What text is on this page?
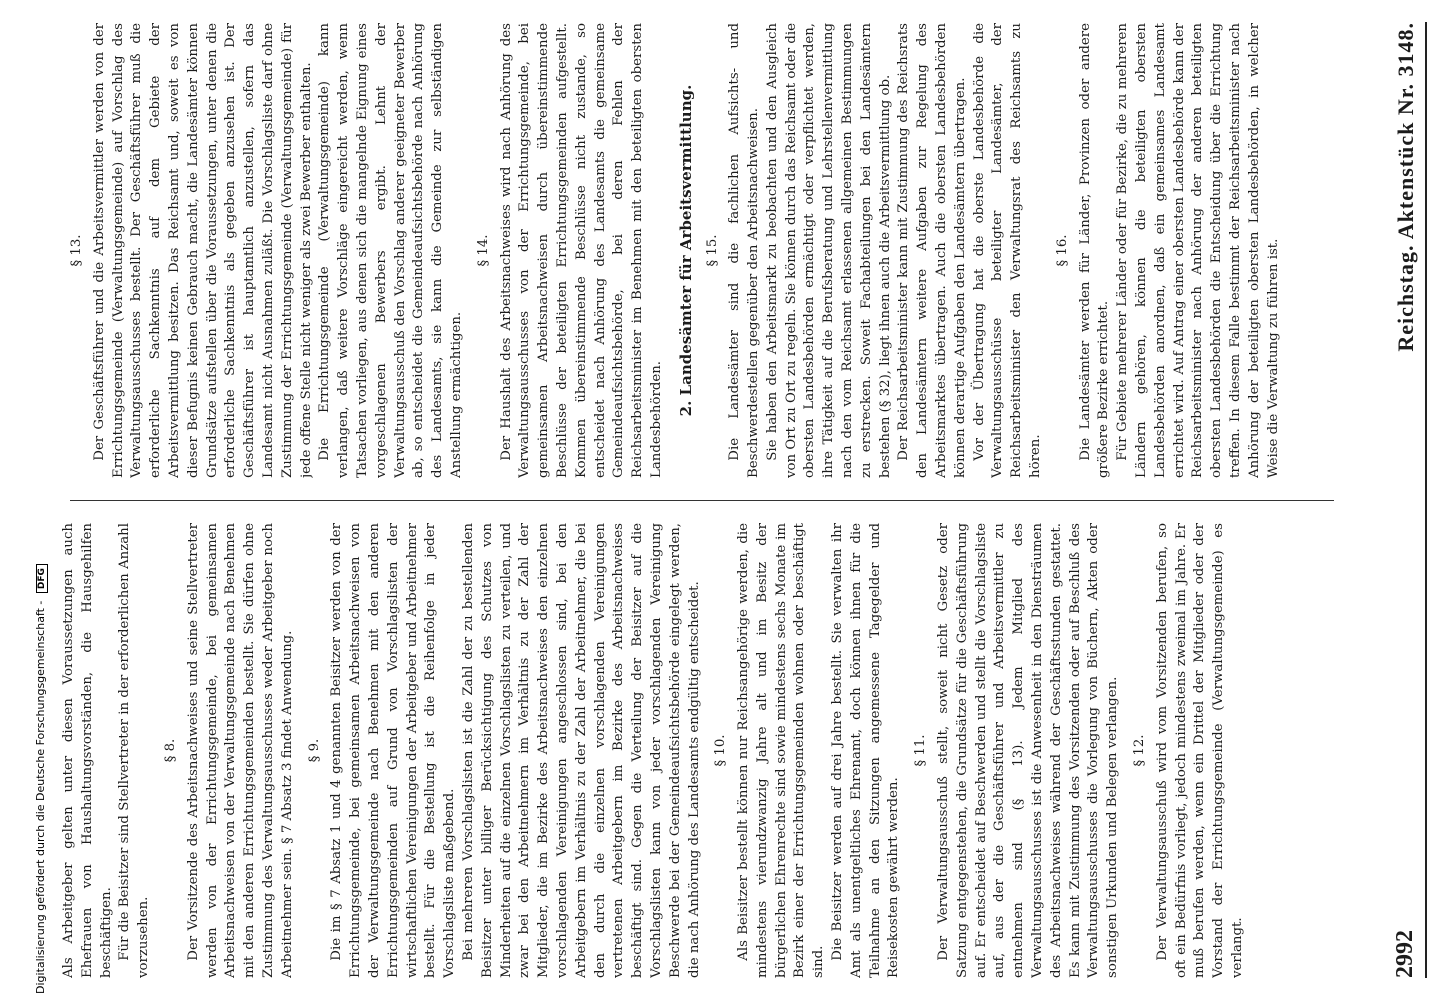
2992
Reichstag. Aktenstück Nr. 3148.

Als Arbeitgeber gelten unter diesen Voraussetzungen auch Ehefrauen von Haushaltungsvorständen, die Hausgehilfen beschäftigen. Für die Beisitzer sind Stellvertreter in der erforderlichen Anzahl vorzusehen.

§ 8. Der Vorsitzende des Arbeitsnachweises und seine Stellvertreter werden von der Errichtungsgemeinde, bei gemeinsamen Arbeitsnachweisen von der Verwaltungsgemeinde nach Benehmen mit den anderen Errichtungsgemeinden bestellt. Sie dürfen ohne Zustimmung des Verwaltungsausschusses weder Arbeitgeber noch Arbeitnehmer sein. § 7 Absatz 3 findet Anwendung. § 9. Die im § 7 Absatz 1 und 4 genannten Beisitzer werden von der Errichtungsgemeinde, bei gemeinsamen Arbeitsnachweisen von der Verwaltungsgemeinde nach Benehmen mit den anderen Errichtungsgemeinden auf Grund von Vorschlagslisten der wirtschaftlichen Vereinigungen der Arbeitgeber und Arbeitnehmer bestellt. Für die Bestellung ist die Reihenfolge in jeder Vorschlagsliste maßgebend. Bei mehreren Vorschlagslisten ist die Zahl der zu bestellenden Beisitzer unter billiger Berücksichtigung des Schutzes von Minderheiten auf die einzelnen Vorschlagslisten zu verteilen, und zwar bei den Arbeitnehmern im Verhältnis zu der Zahl der Mitglieder, die im Bezirke des Arbeitsnachweises den einzelnen vorschlagenden Vereinigungen angeschlossen sind, bei den Arbeitgebern im Verhältnis zu der Zahl der Arbeitnehmer, die bei den durch die einzelnen vorschlagenden Vereinigungen vertretenen Arbeitgebern im Bezirke des Arbeitsnachweises beschäftigt sind. Gegen die Verteilung der Beisitzer auf die Vorschlagslisten kann von jeder vorschlagenden Vereinigung Beschwerde bei der Gemeindeaufsichtsbehörde eingelegt werden, die nach Anhörung des Landesamts endgültig entscheidet. § 10. Als Beisitzer bestellt können nur Reichsangehörige werden, die mindestens vierundzwanzig Jahre alt und im Besitz der bürgerlichen Ehrenrechte sind sowie mindestens sechs Monate im Bezirk einer der Errichtungsgemeinden wohnen oder beschäftigt sind.

Die Beisitzer werden auf drei Jahre bestellt. Sie verwalten ihr Amt als unentgeltliches Ehrenamt, doch können ihnen für die Teilnahme an den Sitzungen angemessene Tagegelder und Reisekosten gewährt werden.

§ 11. Der Verwaltungsausschuß stellt, soweit nicht Gesetz oder Satzung entgegenstehen, die Grundsätze für die Geschäftsführung auf. Er entscheidet auf Beschwerden und stellt die Vorschlagsliste auf, aus der die Geschäftsführer und Arbeitsvermittler zu entnehmen sind (§ 13). Jedem Mitglied des Verwaltungsausschusses ist die Anwesenheit in den Diensträumen des Arbeitsnachweises während der Geschäftsstunden gestattet. Es kann mit Zustimmung des Vorsitzenden oder auf Beschluß des Verwaltungsausschusses die Vorlegung von Büchern, Akten oder sonstigen Urkunden und Belegen verlangen. § 12. Der Verwaltungsausschuß wird vom Vorsitzenden berufen, so oft ein Bedürfnis vorliegt, jedoch mindestens zweimal im Jahre. Er muß berufen werden, wenn ein Drittel der Mitglieder oder der Vorstand der Errichtungsgemeinde (Verwaltungsgemeinde) es verlangt.

§ 13. Der Geschäftsführer und die Arbeitsvermittler werden von der Errichtungsgemeinde (Verwaltungsgemeinde) auf Vorschlag des Verwaltungsausschusses bestellt. Der Geschäftsführer muß die erforderliche Sachkenntnis auf dem Gebiete der Arbeitsvermittlung besitzen. Das Reichsamt und, soweit es von dieser Befugnis keinen Gebrauch macht, die Landesämter können Grundsätze aufstellen über die Voraussetzungen, unter denen die erforderliche Sachkenntnis als gegeben anzusehen ist. Der Geschäftsführer ist hauptamtlich anzustellen, sofern das Landesamt nicht Ausnahmen zuläßt. Die Vorschlagsliste darf ohne Zustimmung der Errichtungsgemeinde (Verwaltungsgemeinde) für jede offene Stelle nicht weniger als zwei Bewerber enthalten. Die Errichtungsgemeinde (Verwaltungsgemeinde) kann verlangen, daß weitere Vorschläge eingereicht werden, wenn Tatsachen vorliegen, aus denen sich die mangelnde Eignung eines vorgeschlagenen Bewerbers ergibt. Lehnt der Verwaltungsausschuß den Vorschlag anderer geeigneter Bewerber ab, so entscheidet die Gemeindeaufsichtsbehörde nach Anhörung des Landesamts, sie kann die Gemeinde zur selbständigen Anstellung ermächtigen.

§ 14. Der Haushalt des Arbeitsnachweises wird nach Anhörung des Verwaltungsausschusses von der Errichtungsgemeinde, bei gemeinsamen Arbeitsnachweisen durch übereinstimmende Beschlüsse der beteiligten Errichtungsgemeinden aufgestellt. Kommen übereinstimmende Beschlüsse nicht zustande, so entscheidet nach Anhörung des Landesamts die gemeinsame Gemeindeaufsichtsbehörde, bei deren Fehlen der Reichsarbeitsminister im Benehmen mit den beteiligten obersten Landesbehörden.

2. Landesämter für Arbeitsvermittlung. § 15. Die Landesämter sind die fachlichen Aufsichts- und Beschwerdestellen gegenüber den Arbeitsnachweisen. Sie haben den Arbeitsmarkt zu beobachten und den Ausgleich von Ort zu Ort zu regeln. Sie können durch das Reichsamt oder die obersten Landesbehörden ermächtigt oder verpflichtet werden, ihre Tätigkeit auf die Berufsberatung und Lehrstellenvermittlung nach den vom Reichsamt erlassenen allgemeinen Bestimmungen zu erstrecken. Soweit Fachabteilungen bei den Landesämtern bestehen (§ 32), liegt ihnen auch die Arbeitsvermittlung ob. Der Reichsarbeitsminister kann mit Zustimmung des Reichsrats den Landesämtern weitere Aufgaben zur Regelung des Arbeitsmarktes übertragen. Auch die obersten Landesbehörden können derartige Aufgaben den Landesämtern übertragen. Vor der Übertragung hat die oberste Landesbehörde die Verwaltungsausschüsse beteiligter Landesämter, der Reichsarbeitsminister den Verwaltungsrat des Reichsamts zu hören.

§ 16. Die Landesämter werden für Länder, Provinzen oder andere größere Bezirke errichtet. Für Gebiete mehrerer Länder oder für Bezirke, die zu mehreren Ländern gehören, können die beteiligten obersten Landesbehörden anordnen, daß ein gemeinsames Landesamt errichtet wird. Auf Antrag einer obersten Landesbehörde kann der Reichsarbeitsminister nach Anhörung der anderen beteiligten obersten Landesbehörden die Entscheidung über die Errichtung treffen. In diesem Falle bestimmt der Reichsarbeitsminister nach Anhörung der beteiligten obersten Landesbehörden, in welcher Weise die Verwaltung zu führen ist.

Digitalisierung gefördert durch die Deutsche Forschungsgemeinschaft - DFG
